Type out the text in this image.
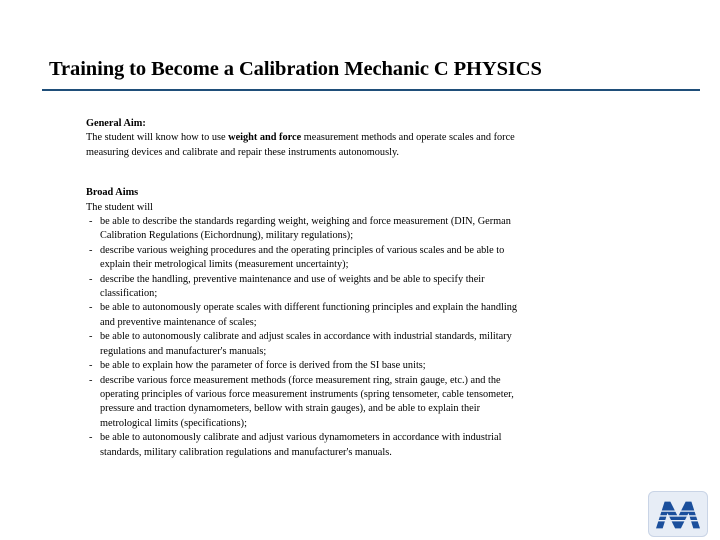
Training to Become a Calibration Mechanic C PHYSICS
General Aim:

The student will know how to use weight and force measurement methods and operate scales and force measuring devices and calibrate and repair these instruments autonomously.

Broad Aims
The student will
- be able to describe the standards regarding weight, weighing and force measurement (DIN, German Calibration Regulations (Eichordnung), military regulations);
- describe various weighing procedures and the operating principles of various scales and be able to explain their metrological limits (measurement uncertainty);
- describe the handling, preventive maintenance and use of weights and be able to specify their classification;
- be able to autonomously operate scales with different functioning principles and explain the handling and preventive maintenance of scales;
- be able to autonomously calibrate and adjust scales in accordance with industrial standards, military regulations and manufacturer's manuals;
- be able to explain how the parameter of force is derived from the SI base units;
- describe various force measurement methods (force measurement ring, strain gauge, etc.) and the operating principles of various force measurement instruments (spring tensometer, cable tensometer, pressure and traction dynamometers, bellow with strain gauges), and be able to explain their metrological limits (specifications);
- be able to autonomously calibrate and adjust various dynamometers in accordance with industrial standards, military calibration regulations and manufacturer's manuals.
